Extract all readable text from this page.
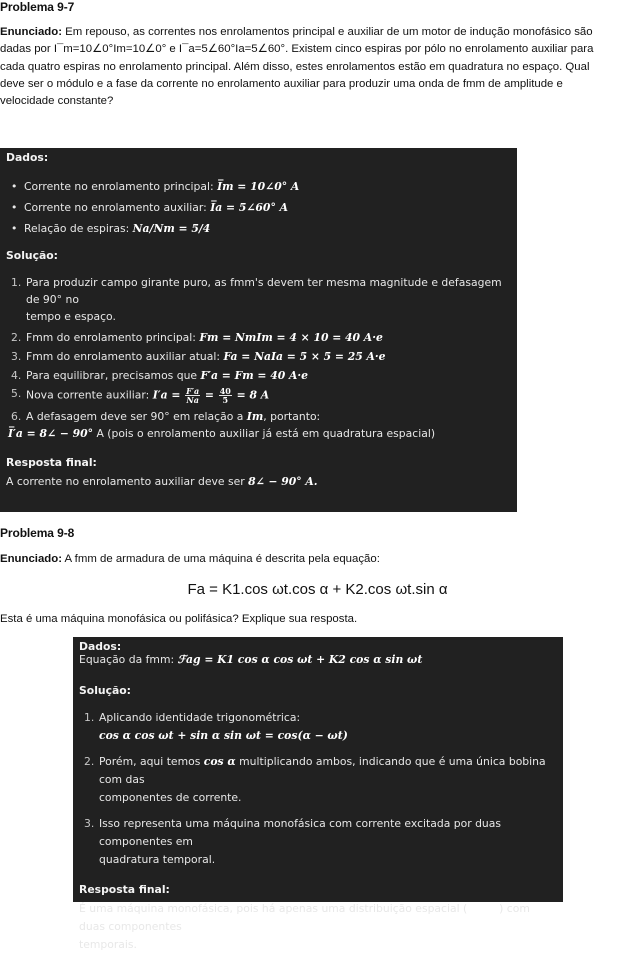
Problema 9-7
Enunciado: Em repouso, as correntes nos enrolamentos principal e auxiliar de um motor de indução monofásico são
dadas por I¯m=10∠0°Im=10∠0° e I¯a=5∠60°Ia=5∠60°. Existem cinco espiras por pólo no enrolamento auxiliar para
cada quatro espiras no enrolamento principal. Além disso, estes enrolamentos estão em quadratura no espaço. Qual
deve ser o módulo e a fase da corrente no enrolamento auxiliar para produzir uma onda de fmm de amplitude e
velocidade constante?

Dados:

• Corrente no enrolamento principal: I̅m = 10∠0° A
• Corrente no enrolamento auxiliar: I̅a = 5∠60° A
• Relação de espiras: Na/Nm = 5/4

Solução:

1. Para produzir campo girante puro, as fmm's devem ter mesma magnitude e defasagem de 90° no
tempo e espaço.
2. Fmm do enrolamento principal: Fm = NmIm = 4 × 10 = 40 A·e
3. Fmm do enrolamento auxiliar atual: Fa = NaIa = 5 × 5 = 25 A·e
4. Para equilibrar, precisamos que F′a = Fm = 40 A·e
5. Nova corrente auxiliar: $I'a = \frac{F'a}{Na} = \frac{40}{5} = 8$ A
6. A defasagem deve ser 90° em relação a Im, portanto:
I̅′a = 8∠ − 90° A (pois o enrolamento auxiliar já está em quadratura espacial)

Resposta final:

A corrente no enrolamento auxiliar deve ser 8∠ − 90° A.

Problema 9-8
Enunciado: A fmm de armadura de uma máquina é descrita pela equação:
Fa = K1.cos ωt.cos α + K2.cos ωt.sin α
Esta é uma máquina monofásica ou polifásica? Explique sua resposta.

Dados:

Equação da fmm: ℱag = K1 cos α cos ωt + K2 cos α sin ωt

Solução:

1. Aplicando identidade trigonométrica:
cos α cos ωt + sin α sin ωt = cos(α − ωt)
2. Porém, aqui temos cos α multiplicando ambos, indicando que é uma única bobina com das
componentes de corrente.
3. Isso representa uma máquina monofásica com corrente excitada por duas componentes em
quadratura temporal.

Resposta final:

É uma máquina monofásica, pois há apenas uma distribuição espacial (cos α) com duas componentes
temporais.
